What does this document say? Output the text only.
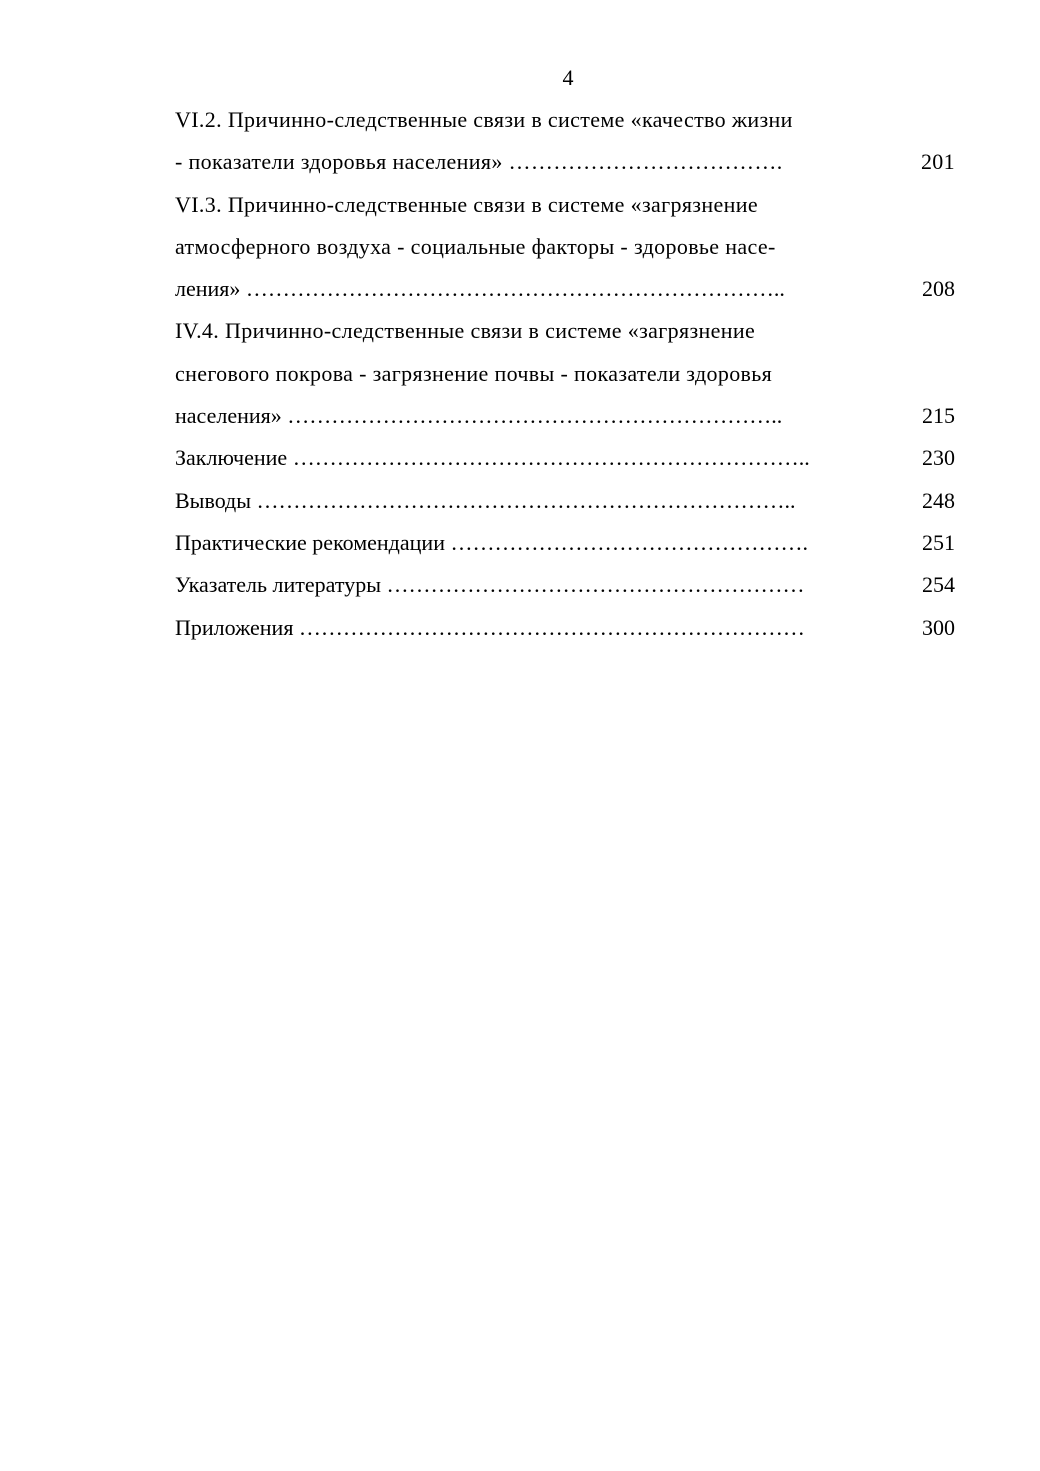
4
VI.2. Причинно-следственные связи в системе «качество жизни
- показатели здоровья населения» ……………………………….	201
VI.3. Причинно-следственные связи в системе «загрязнение
атмосферного воздуха - социальные факторы - здоровье насе-
ления» ………………………………………………………………..	208
IV.4. Причинно-следственные связи в системе «загрязнение
снегового покрова - загрязнение почвы - показатели здоровья
населения» …………………………………………………………..	215
Заключение ……………………………………………………………..	230
Выводы ………………………………………………………………..	248
Практические рекомендации ………………………………………….	251
Указатель литературы …………………………………………………	254
Приложения ……………………………………………………………	300
